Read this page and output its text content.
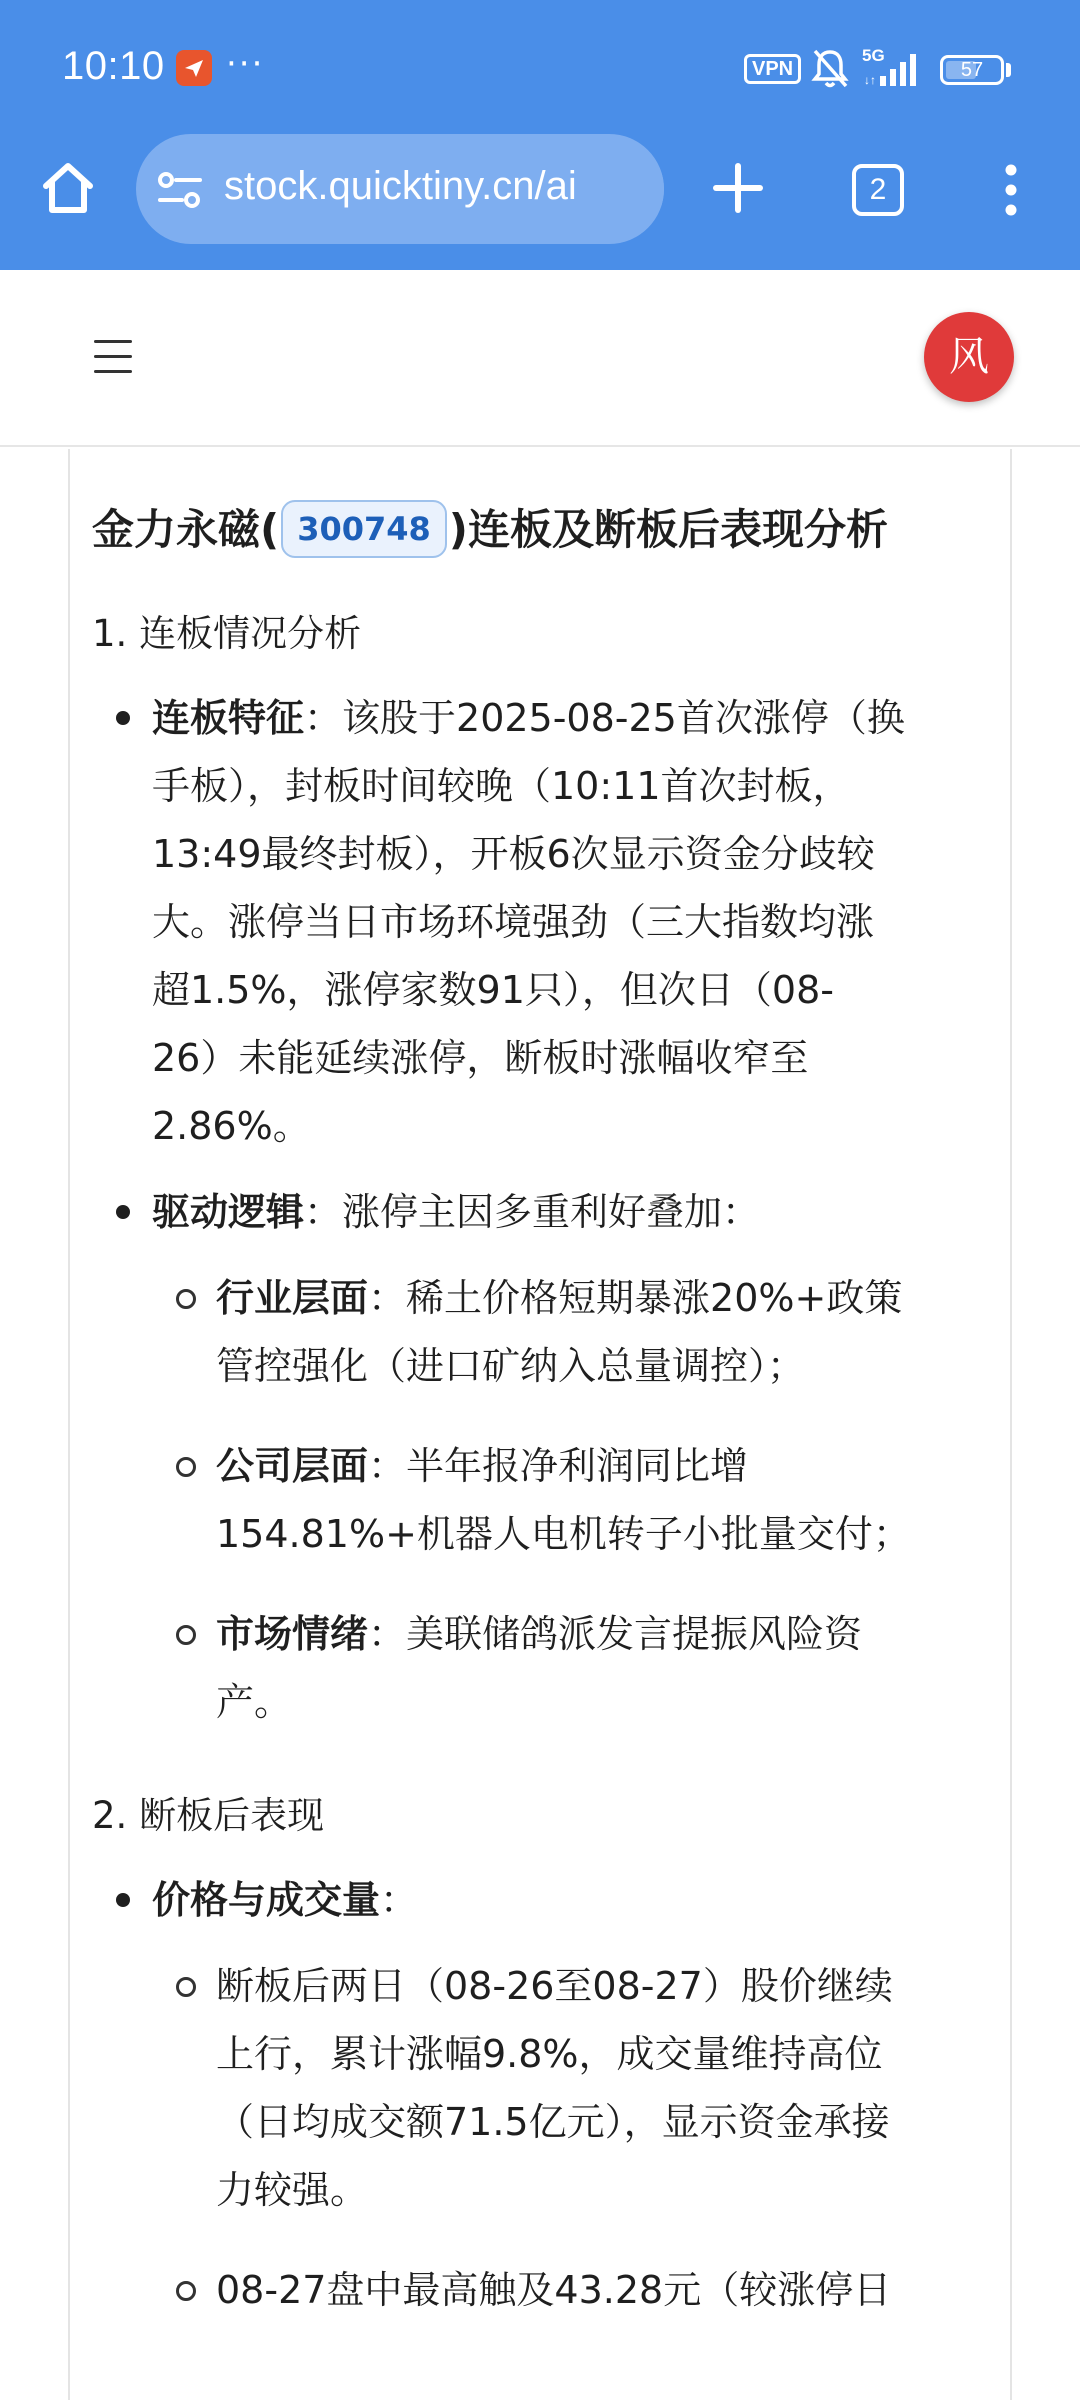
10:10 ···	VPN
5G
↓↑	57
stock.quicktiny.cn/ai	2
风
金力永磁( 300748 )连板及断板后表现分析
1. 连板情况分析
连板特征：该股于2025-08-25首次涨停（换
手板），封板时间较晚（10:11首次封板，
13:49最终封板），开板6次显示资金分歧较
大。涨停当日市场环境强劲（三大指数均涨
超1.5%，涨停家数91只），但次日（08-
26）未能延续涨停，断板时涨幅收窄至
2.86%。
驱动逻辑：涨停主因多重利好叠加：
行业层面：稀土价格短期暴涨20%+政策
管控强化（进口矿纳入总量调控）；
公司层面：半年报净利润同比增
154.81%+机器人电机转子小批量交付；
市场情绪：美联储鸽派发言提振风险资
产。
2. 断板后表现
价格与成交量：
断板后两日（08-26至08-27）股价继续
上行，累计涨幅9.8%，成交量维持高位
（日均成交额71.5亿元），显示资金承接
力较强。
08-27盘中最高触及43.28元（较涨停日
